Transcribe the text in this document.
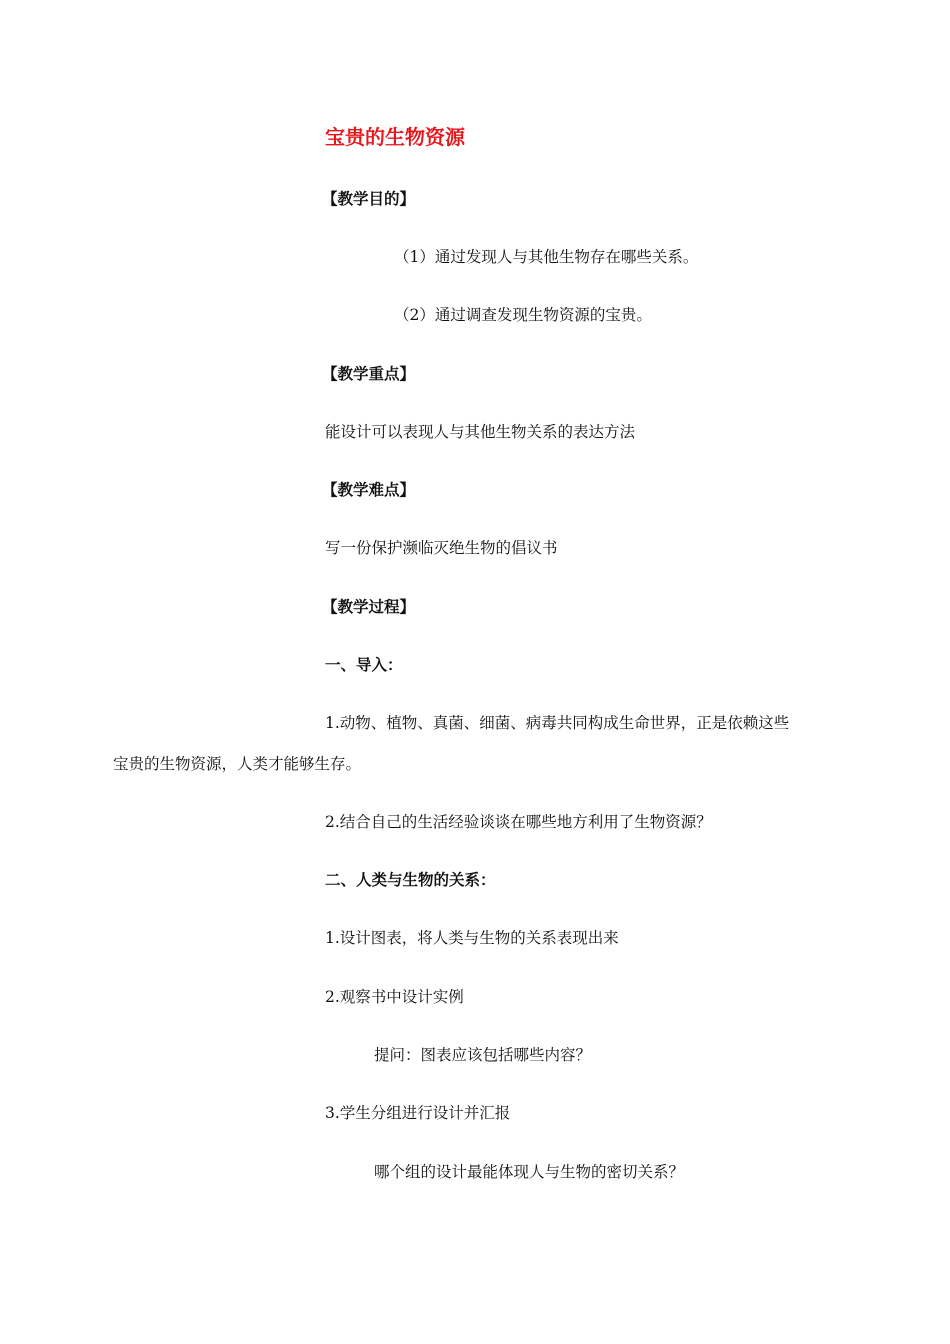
宝贵的生物资源
【教学目的】
（1）通过发现人与其他生物存在哪些关系。
（2）通过调查发现生物资源的宝贵。
【教学重点】
能设计可以表现人与其他生物关系的表达方法
【教学难点】
写一份保护濒临灭绝生物的倡议书
【教学过程】
一、导入：
1.动物、植物、真菌、细菌、病毒共同构成生命世界，正是依赖这些
宝贵的生物资源，人类才能够生存。
2.结合自己的生活经验谈谈在哪些地方利用了生物资源？
二、人类与生物的关系：
1.设计图表，将人类与生物的关系表现出来
2.观察书中设计实例
提问：图表应该包括哪些内容？
3.学生分组进行设计并汇报
哪个组的设计最能体现人与生物的密切关系？
